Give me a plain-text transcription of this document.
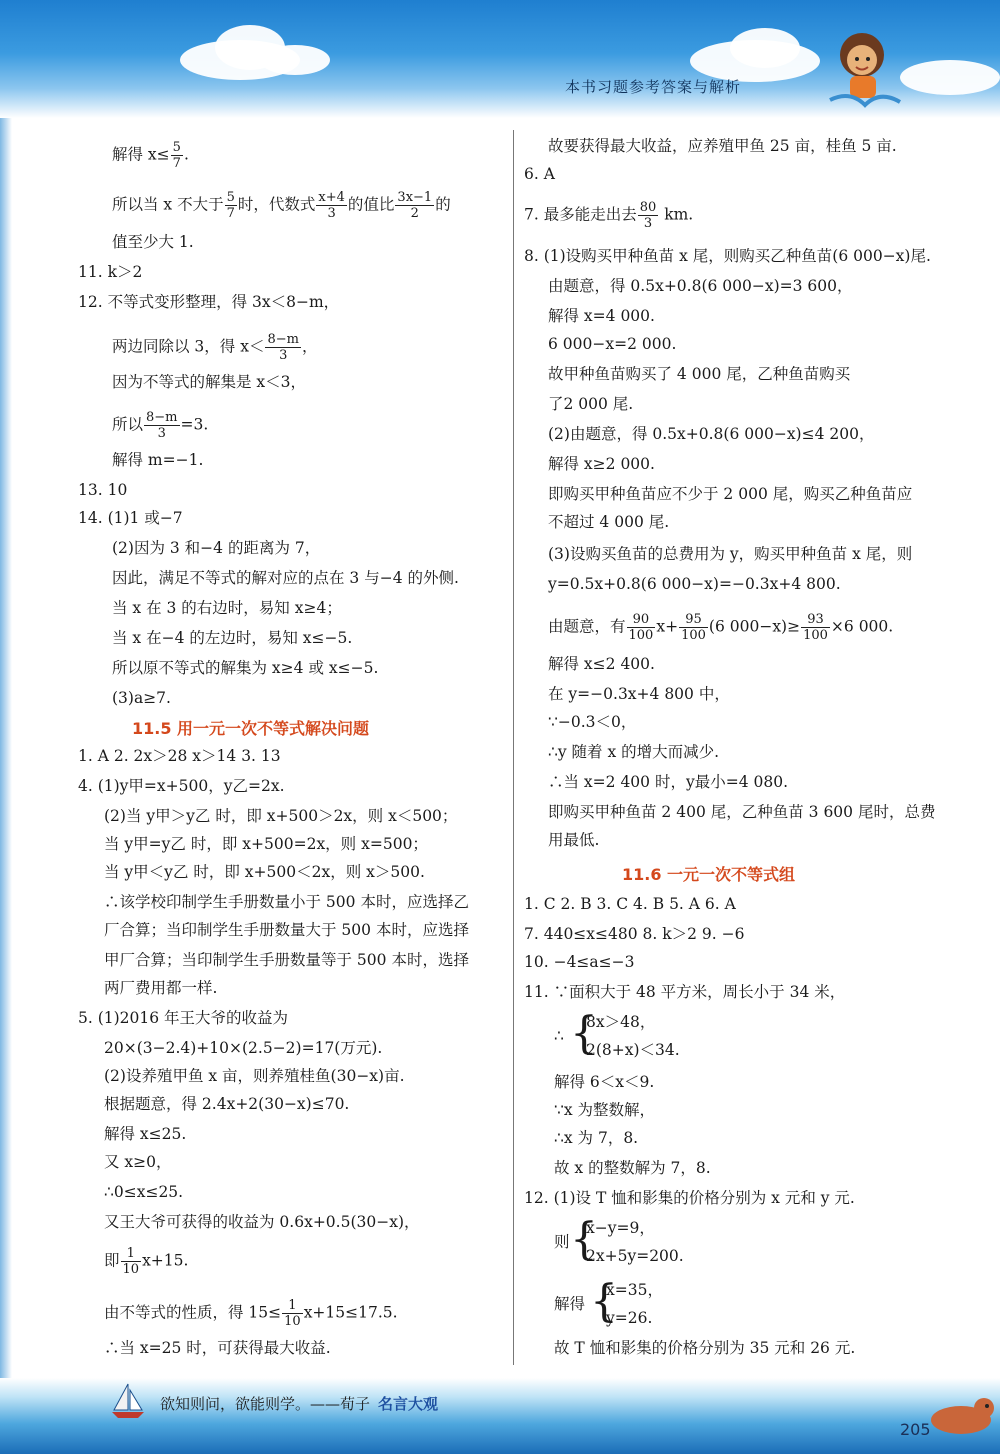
本书习题参考答案与解析
解得 $x\le \frac{5}{7}$ .
所以当 x 不大于 $\frac{5}{7}$ 时，代数式 $\frac{x+4}{3}$ 的值比 $\frac{3x-1}{2}$ 的
值至少大 1.
11. k＞2
12. 不等式变形整理，得 3x＜8−m，
两边同除以 3，得 $x< \frac{8-m}{3}$ ，
因为不等式的解集是 x＜3，
所以 $\frac{8-m}{3} =3$.
解得 m=−1.
13. 10
14. (1)1 或−7
(2)因为 3 和−4 的距离为 7，
因此，满足不等式的解对应的点在 3 与−4 的外侧.
当 x 在 3 的右边时，易知 x≥4；
当 x 在−4 的左边时，易知 x≤−5.
所以原不等式的解集为 x≥4 或 x≤−5.
(3)a≥7.
11.5 用一元一次不等式解决问题
1. A 2. 2x＞28 x＞14 3. 13
4. (1)y甲=x+500，y乙=2x.
(2)当 y甲＞y乙 时，即 x+500＞2x，则 x＜500；
当 y甲=y乙 时，即 x+500=2x，则 x=500；
当 y甲＜y乙 时，即 x+500＜2x，则 x＞500.
∴该学校印制学生手册数量小于 500 本时，应选择乙
厂合算；当印制学生手册数量大于 500 本时，应选择
甲厂合算；当印制学生手册数量等于 500 本时，选择
两厂费用都一样.
5. (1)2016 年王大爷的收益为
20×(3−2.4)+10×(2.5−2)=17(万元).
(2)设养殖甲鱼 x 亩，则养殖桂鱼(30−x)亩.
根据题意，得 2.4x+2(30−x)≤70.
解得 x≤25.
又 x≥0，
∴0≤x≤25.
又王大爷可获得的收益为 0.6x+0.5(30−x)，
即 $\frac{1}{10} x+15$.
由不等式的性质，得 $15\le \frac{1}{10} x+15\le 17.5$.
∴当 x=25 时，可获得最大收益.
故要获得最大收益，应养殖甲鱼 25 亩，桂鱼 5 亩.
6. A
7. 最多能走出去 $\frac{80}{3}$ km.
8. (1)设购买甲种鱼苗 x 尾，则购买乙种鱼苗(6 000−x)尾.
由题意，得 0.5x+0.8(6 000−x)=3 600，
解得 x=4 000.
6 000−x=2 000.
故甲种鱼苗购买了 4 000 尾，乙种鱼苗购买
了2 000 尾.
(2)由题意，得 0.5x+0.8(6 000−x)≤4 200，
解得 x≥2 000.
即购买甲种鱼苗应不少于 2 000 尾，购买乙种鱼苗应
不超过 4 000 尾.
(3)设购买鱼苗的总费用为 y，购买甲种鱼苗 x 尾，则
y=0.5x+0.8(6 000−x)=−0.3x+4 800.
由题意，有 $\frac{90}{100} x+ \frac{95}{100} (6$ $000-x)\ge \frac{93}{100} \times 6$ 000.
解得 x≤2 400.
在 y=−0.3x+4 800 中，
∵−0.3＜0，
∴y 随着 x 的增大而减少.
∴当 x=2 400 时，y最小=4 080.
即购买甲种鱼苗 2 400 尾，乙种鱼苗 3 600 尾时，总费
用最低.
11.6 一元一次不等式组
1. C 2. B 3. C 4. B 5. A 6. A
7. 440≤x≤480 8. k＞2 9. −6
10. −4≤a≤−3
11. ∵面积大于 48 平方米，周长小于 34 米，
∴ {
8x＞48，
2(8+x)＜34.
解得 6＜x＜9.
∵x 为整数解，
∴x 为 7，8.
故 x 的整数解为 7，8.
12. (1)设 T 恤和影集的价格分别为 x 元和 y 元.
则 {
x−y=9，
2x+5y=200.
解得 {
x=35，
y=26.
故 T 恤和影集的价格分别为 35 元和 26 元.
欲知则问，欲能则学。——荀子 名言大观
205
